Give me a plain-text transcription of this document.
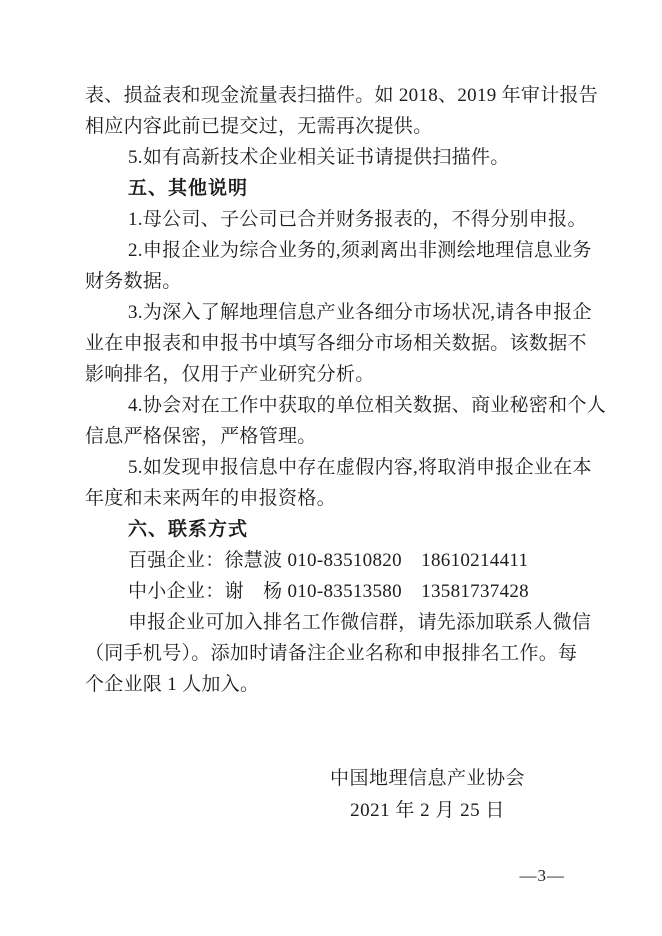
表、损益表和现金流量表扫描件。如 2018、2019 年审计报告
相应内容此前已提交过，无需再次提供。
5.如有高新技术企业相关证书请提供扫描件。
五、其他说明
1.母公司、子公司已合并财务报表的，不得分别申报。
2.申报企业为综合业务的,须剥离出非测绘地理信息业务
财务数据。
3.为深入了解地理信息产业各细分市场状况,请各申报企
业在申报表和申报书中填写各细分市场相关数据。该数据不
影响排名，仅用于产业研究分析。
4.协会对在工作中获取的单位相关数据、商业秘密和个人
信息严格保密，严格管理。
5.如发现申报信息中存在虚假内容,将取消申报企业在本
年度和未来两年的申报资格。
六、联系方式
百强企业：徐慧波 010-83510820　18610214411
中小企业：谢　杨 010-83513580　13581737428
申报企业可加入排名工作微信群，请先添加联系人微信
（同手机号）。添加时请备注企业名称和申报排名工作。每
个企业限 1 人加入。
中国地理信息产业协会
2021 年 2 月 25 日
—3—
